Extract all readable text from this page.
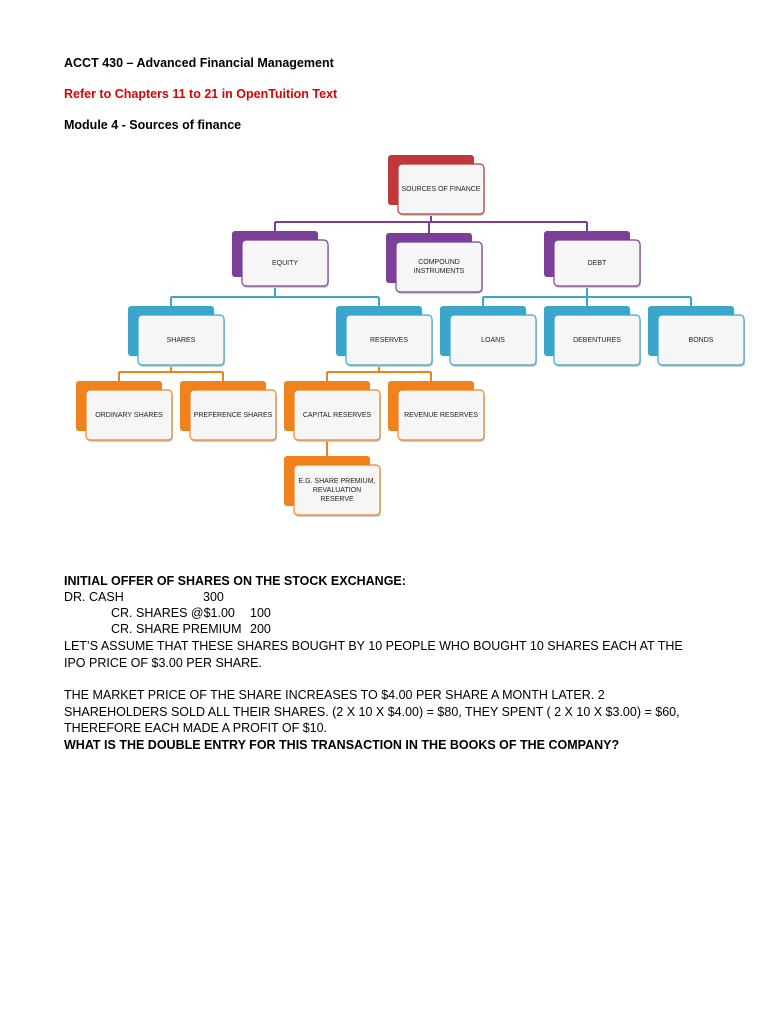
ACCT 430 – Advanced Financial Management
Refer to Chapters 11 to 21 in OpenTuition Text
Module 4 - Sources of finance
SOURCES OF FINANCE
EQUITY	COMPOUND INSTRUMENTS
DEBT
SHARES	RESERVES	LOANS	DEBENTURES	BONDS
ORDINARY SHARES	PREFERENCE SHARES	CAPITAL RESERVES	REVENUE RESERVES
E.G. SHARE PREMIUM, REVALUATION RESERVE
INITIAL OFFER OF SHARES ON THE STOCK EXCHANGE:
DR. CASH	300
CR. SHARES @$1.00 100
CR. SHARE PREMIUM 200

LET’S ASSUME THAT THESE SHARES BOUGHT BY 10 PEOPLE WHO BOUGHT 10 SHARES EACH AT THE IPO PRICE OF $3.00 PER SHARE.

THE MARKET PRICE OF THE SHARE INCREASES TO $4.00 PER SHARE A MONTH LATER. 2 SHAREHOLDERS SOLD ALL THEIR SHARES. (2 X 10 X $4.00) = $80, THEY SPENT ( 2 X 10 X $3.00) = $60, THEREFORE EACH MADE A PROFIT OF $10.

WHAT IS THE DOUBLE ENTRY FOR THIS TRANSACTION IN THE BOOKS OF THE COMPANY?
